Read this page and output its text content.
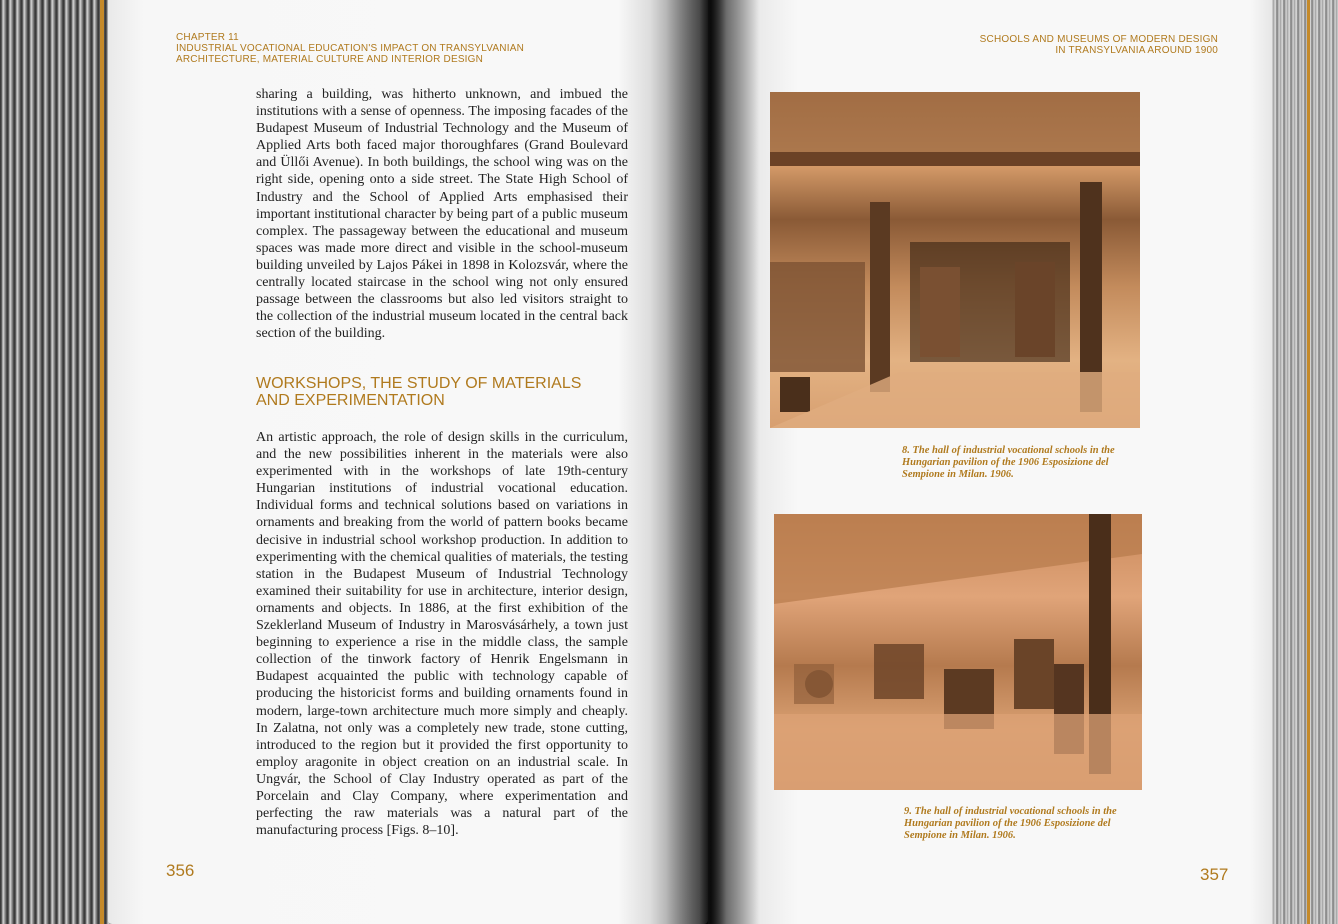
CHAPTER 11
INDUSTRIAL VOCATIONAL EDUCATION'S IMPACT ON TRANSYLVANIAN
ARCHITECTURE, MATERIAL CULTURE AND INTERIOR DESIGN

sharing a building, was hitherto unknown, and imbued the institutions with a sense of openness. The imposing facades of the Budapest Museum of Industrial Technology and the Museum of Applied Arts both faced major thoroughfares (Grand Boulevard and Üllői Avenue). In both buildings, the school wing was on the right side, opening onto a side street. The State High School of Industry and the School of Applied Arts emphasised their important institutional character by being part of a public museum complex. The passageway between the educational and museum spaces was made more direct and visible in the school-museum building unveiled by Lajos Pákei in 1898 in Kolozsvár, where the centrally located staircase in the school wing not only ensured passage between the classrooms but also led visitors straight to the collection of the industrial museum located in the central back section of the building.

WORKSHOPS, THE STUDY OF MATERIALS
AND EXPERIMENTATION

An artistic approach, the role of design skills in the curriculum, and the new possibilities inherent in the materials were also experimented with in the workshops of late 19th-century Hungarian institutions of industrial vocational education. Individual forms and technical solutions based on variations in ornaments and breaking from the world of pattern books became decisive in industrial school workshop production. In addition to experimenting with the chemical qualities of materials, the testing station in the Budapest Museum of Industrial Technology examined their suitability for use in architecture, interior design, ornaments and objects. In 1886, at the first exhibition of the Szeklerland Museum of Industry in Marosvásárhely, a town just beginning to experience a rise in the middle class, the sample collection of the tinwork factory of Henrik Engelsmann in Budapest acquainted the public with technology capable of producing the historicist forms and building ornaments found in modern, large-town architecture much more simply and cheaply. In Zalatna, not only was a completely new trade, stone cutting, introduced to the region but it provided the first opportunity to employ aragonite in object creation on an industrial scale. In Ungvár, the School of Clay Industry operated as part of the Porcelain and Clay Company, where experimentation and perfecting the raw materials was a natural part of the manufacturing process [Figs. 8–10].

356
SCHOOLS AND MUSEUMS OF MODERN DESIGN
IN TRANSYLVANIA AROUND 1900
8. The hall of industrial vocational schools in the
Hungarian pavilion of the 1906 Esposizione del
Sempione in Milan. 1906.
9. The hall of industrial vocational schools in the
Hungarian pavilion of the 1906 Esposizione del
Sempione in Milan. 1906.
357
